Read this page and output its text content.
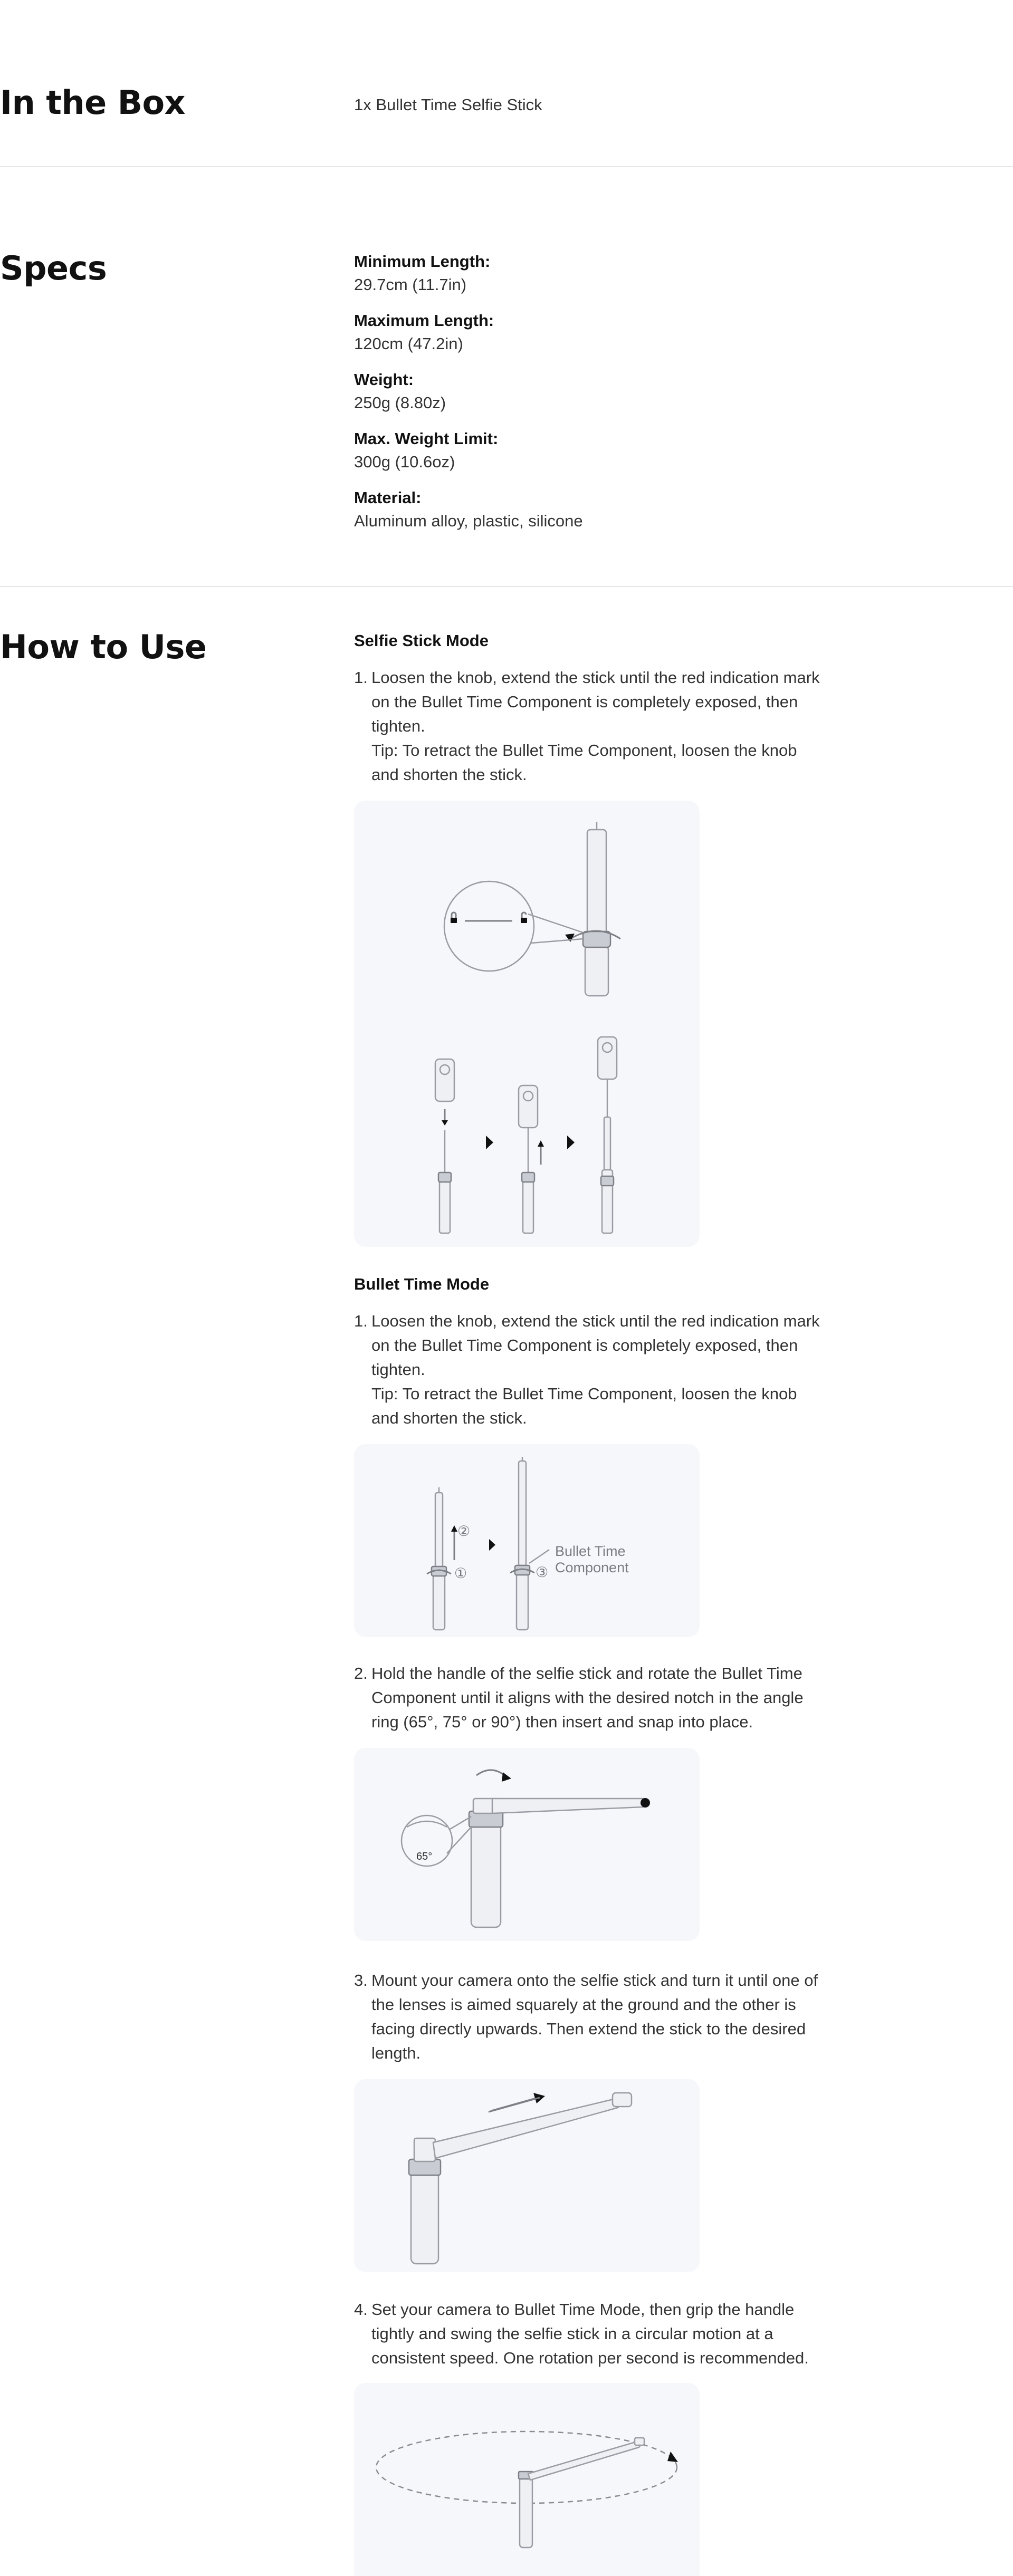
In the Box	1x Bullet Time Selfie Stick

Specs	Minimum Length:
29.7cm (11.7in)
Maximum Length:
120cm (47.2in)
Weight:
250g (8.80z)
Max. Weight Limit:
300g (10.6oz)
Material:
Aluminum alloy, plastic, silicone
How to Use	Selfie Stick Mode

1. Loosen the knob, extend the stick until the red indication mark
on the Bullet Time Component is completely exposed, then
tighten.
Tip: To retract the Bullet Time Component, loosen the knob
and shorten the stick.

Bullet Time Mode

1. Loosen the knob, extend the stick until the red indication mark
on the Bullet Time Component is completely exposed, then
tighten.
Tip: To retract the Bullet Time Component, loosen the knob
and shorten the stick.
②
①	③
Bullet Time
Component
2. Hold the handle of the selfie stick and rotate the Bullet Time
Component until it aligns with the desired notch in the angle
ring (65°, 75° or 90°) then insert and snap into place.
65°
3. Mount your camera onto the selfie stick and turn it until one of
the lenses is aimed squarely at the ground and the other is
facing directly upwards. Then extend the stick to the desired
length.
4. Set your camera to Bullet Time Mode, then grip the handle
tightly and swing the selfie stick in a circular motion at a
consistent speed. One rotation per second is recommended.
